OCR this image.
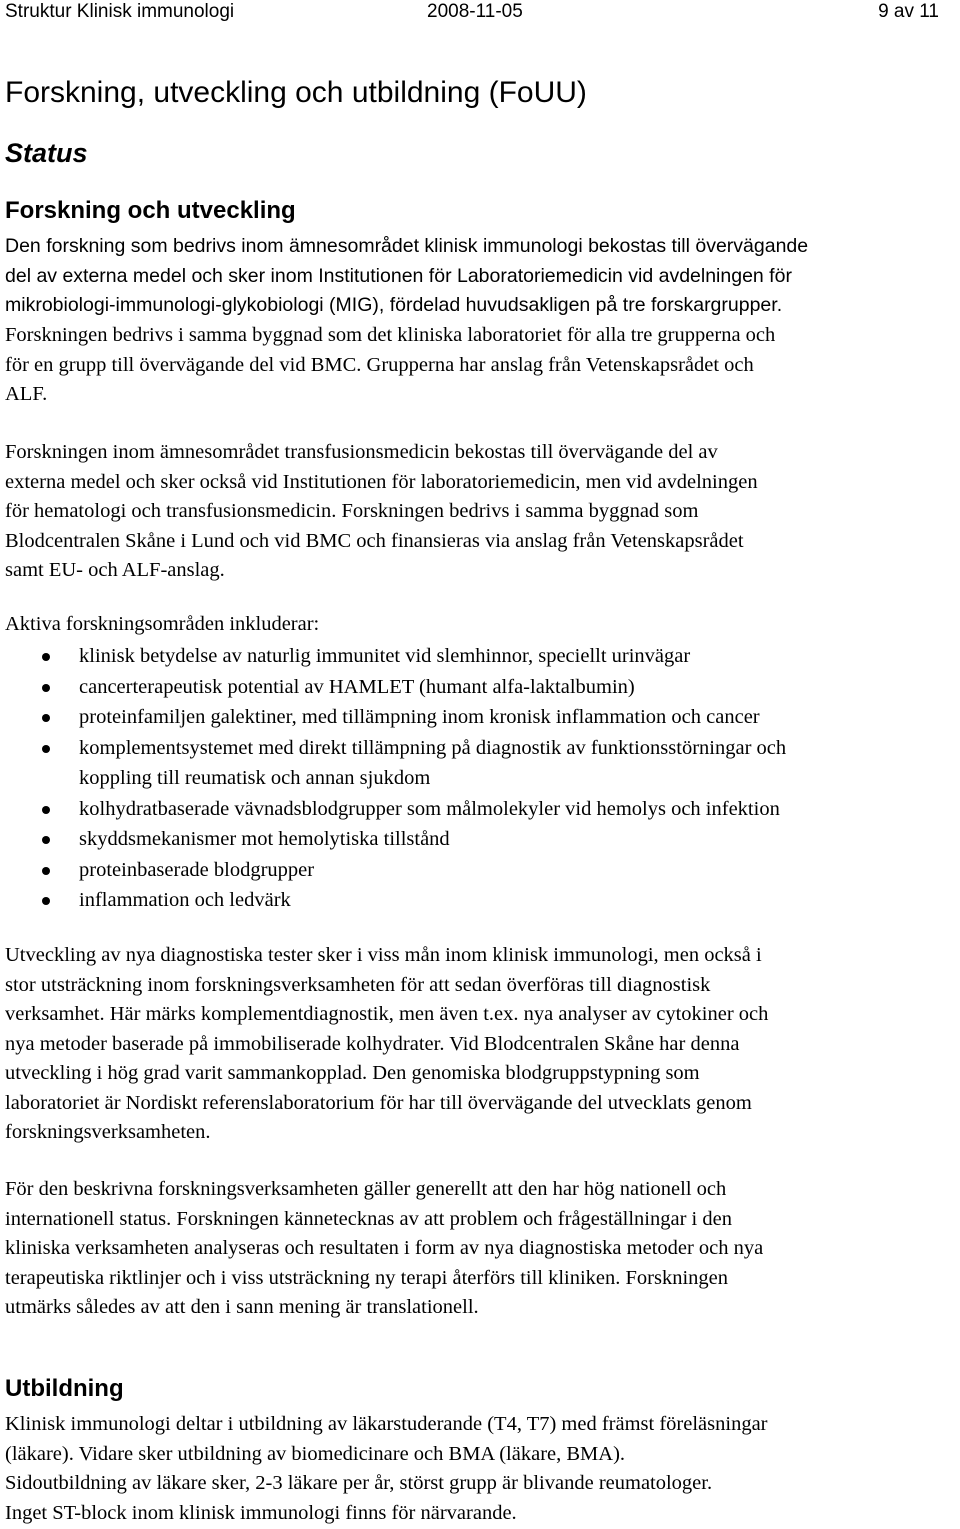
Struktur Klinisk immunologi	2008-11-05	9 av 11
Forskning, utveckling och utbildning (FoUU)
Status
Forskning och utveckling

Den forskning som bedrivs inom ämnesområdet klinisk immunologi bekostas till övervägande
del av externa medel och sker inom Institutionen för Laboratoriemedicin vid avdelningen för
mikrobiologi-immunologi-glykobiologi (MIG), fördelad huvudsakligen på tre forskargrupper.

Forskningen bedrivs i samma byggnad som det kliniska laboratoriet för alla tre grupperna och
för en grupp till övervägande del vid BMC. Grupperna har anslag från Vetenskapsrådet och
ALF.

Forskningen inom ämnesområdet transfusionsmedicin bekostas till övervägande del av
externa medel och sker också vid Institutionen för laboratoriemedicin, men vid avdelningen
för hematologi och transfusionsmedicin. Forskningen bedrivs i samma byggnad som
Blodcentralen Skåne i Lund och vid BMC och finansieras via anslag från Vetenskapsrådet
samt EU- och ALF-anslag.

Aktiva forskningsområden inkluderar:

klinisk betydelse av naturlig immunitet vid slemhinnor, speciellt urinvägar
cancerterapeutisk potential av HAMLET (humant alfa-laktalbumin)
proteinfamiljen galektiner, med tillämpning inom kronisk inflammation och cancer
komplementsystemet med direkt tillämpning på diagnostik av funktionsstörningar och
koppling till reumatisk och annan sjukdom
kolhydratbaserade vävnadsblodgrupper som målmolekyler vid hemolys och infektion
skyddsmekanismer mot hemolytiska tillstånd
proteinbaserade blodgrupper
inflammation och ledvärk

Utveckling av nya diagnostiska tester sker i viss mån inom klinisk immunologi, men också i
stor utsträckning inom forskningsverksamheten för att sedan överföras till diagnostisk
verksamhet. Här märks komplementdiagnostik, men även t.ex. nya analyser av cytokiner och
nya metoder baserade på immobiliserade kolhydrater. Vid Blodcentralen Skåne har denna
utveckling i hög grad varit sammankopplad. Den genomiska blodgruppstypning som
laboratoriet är Nordiskt referenslaboratorium för har till övervägande del utvecklats genom
forskningsverksamheten.

För den beskrivna forskningsverksamheten gäller generellt att den har hög nationell och
internationell status. Forskningen kännetecknas av att problem och frågeställningar i den
kliniska verksamheten analyseras och resultaten i form av nya diagnostiska metoder och nya
terapeutiska riktlinjer och i viss utsträckning ny terapi återförs till kliniken. Forskningen
utmärks således av att den i sann mening är translationell.

Utbildning

Klinisk immunologi deltar i utbildning av läkarstuderande (T4, T7) med främst föreläsningar
(läkare). Vidare sker utbildning av biomedicinare och BMA (läkare, BMA).
Sidoutbildning av läkare sker, 2-3 läkare per år, störst grupp är blivande reumatologer.
Inget ST-block inom klinisk immunologi finns för närvarande.
